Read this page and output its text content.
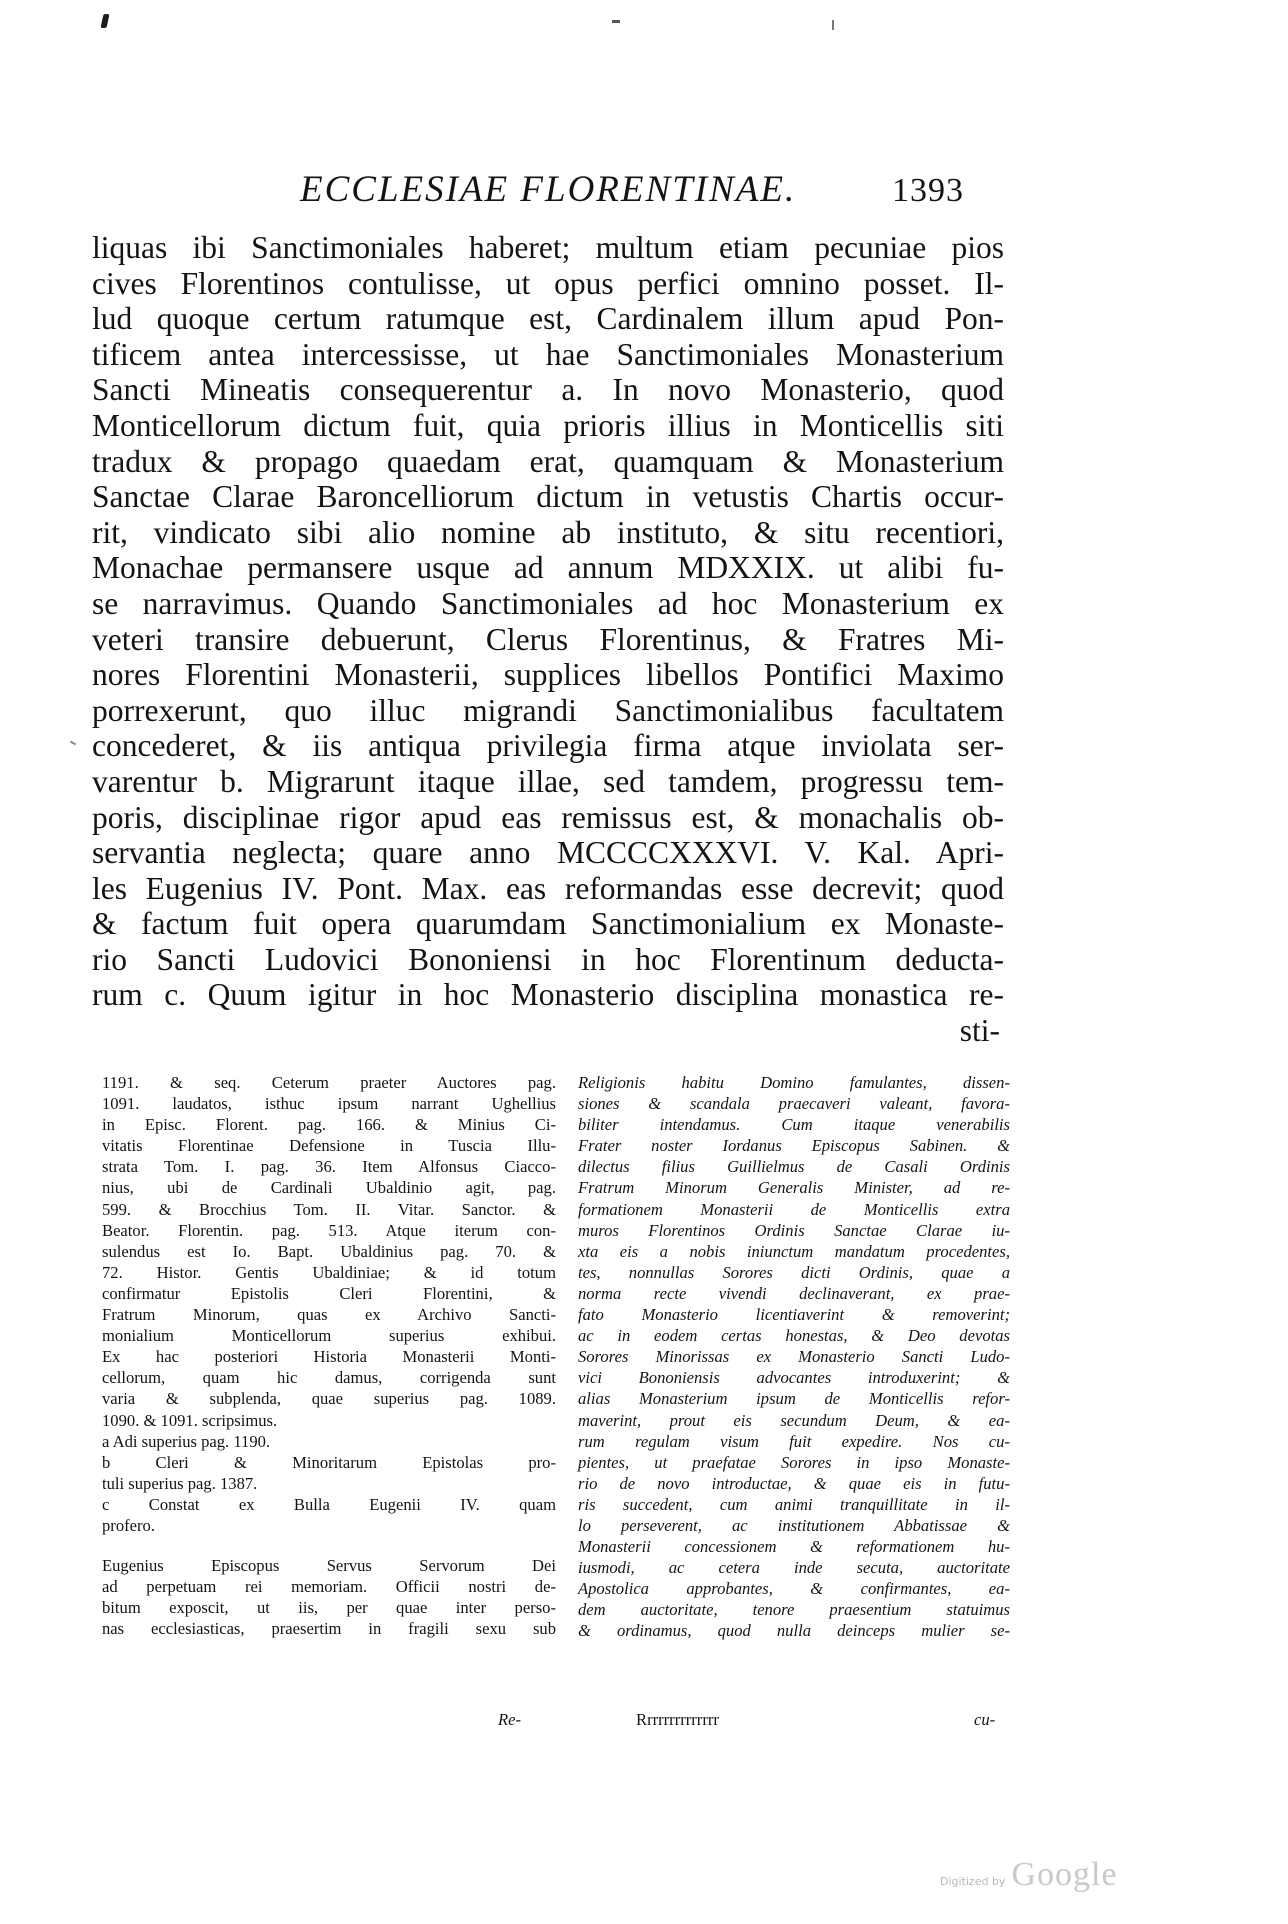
ECCLESIAE FLORENTINAE.	1393
liquas ibi Sanctimoniales haberet; multum etiam pecuniae pios
cives Florentinos contulisse, ut opus perfici omnino posset. Il-
lud quoque certum ratumque est, Cardinalem illum apud Pon-
tificem antea intercessisse, ut hae Sanctimoniales Monasterium
Sancti Mineatis consequerentur a. In novo Monasterio, quod
Monticellorum dictum fuit, quia prioris illius in Monticellis siti
tradux & propago quaedam erat, quamquam & Monasterium
Sanctae Clarae Baroncelliorum dictum in vetustis Chartis occur-
rit, vindicato sibi alio nomine ab instituto, & situ recentiori,
Monachae permansere usque ad annum MDXXIX. ut alibi fu-
se narravimus. Quando Sanctimoniales ad hoc Monasterium ex
veteri transire debuerunt, Clerus Florentinus, & Fratres Mi-
nores Florentini Monasterii, supplices libellos Pontifici Maximo
porrexerunt, quo illuc migrandi Sanctimonialibus facultatem
concederet, & iis antiqua privilegia firma atque inviolata ser-
varentur b. Migrarunt itaque illae, sed tamdem, progressu tem-
poris, disciplinae rigor apud eas remissus est, & monachalis ob-
servantia neglecta; quare anno MCCCCXXXVI. V. Kal. Apri-
les Eugenius IV. Pont. Max. eas reformandas esse decrevit; quod
& factum fuit opera quarumdam Sanctimonialium ex Monaste-
rio Sancti Ludovici Bononiensi in hoc Florentinum deducta-
rum c. Quum igitur in hoc Monasterio disciplina monastica re-
sti-
1191. & seq. Ceterum praeter Auctores pag.
1091. laudatos, isthuc ipsum narrant Ughellius
in Episc. Florent. pag. 166. & Minius Ci-
vitatis Florentinae Defensione in Tuscia Illu-
strata Tom. I. pag. 36. Item Alfonsus Ciacco-
nius, ubi de Cardinali Ubaldinio agit, pag.
599. & Brocchius Tom. II. Vitar. Sanctor. &
Beator. Florentin. pag. 513. Atque iterum con-
sulendus est Io. Bapt. Ubaldinius pag. 70. &
72. Histor. Gentis Ubaldiniae; & id totum
confirmatur Epistolis Cleri Florentini, &
Fratrum Minorum, quas ex Archivo Sancti-
monialium Monticellorum superius exhibui.
Ex hac posteriori Historia Monasterii Monti-
cellorum, quam hic damus, corrigenda sunt
varia & subplenda, quae superius pag. 1089.
1090. & 1091. scripsimus.
a Adi superius pag. 1190.
b Cleri & Minoritarum Epistolas pro-
tuli superius pag. 1387.
c Constat ex Bulla Eugenii IV. quam
profero.
Eugenius Episcopus Servus Servorum Dei
ad perpetuam rei memoriam. Officii nostri de-
bitum exposcit, ut iis, per quae inter perso-
nas ecclesiasticas, praesertim in fragili sexu sub
Religionis habitu Domino famulantes, dissen-
siones & scandala praecaveri valeant, favora-
biliter intendamus. Cum itaque venerabilis
Frater noster Iordanus Episcopus Sabinen. &
dilectus filius Guillielmus de Casali Ordinis
Fratrum Minorum Generalis Minister, ad re-
formationem Monasterii de Monticellis extra
muros Florentinos Ordinis Sanctae Clarae iu-
xta eis a nobis iniunctum mandatum procedentes,
tes, nonnullas Sorores dicti Ordinis, quae a
norma recte vivendi declinaverant, ex prae-
fato Monasterio licentiaverint & removerint;
ac in eodem certas honestas, & Deo devotas
Sorores Minorissas ex Monasterio Sancti Ludo-
vici Bononiensis advocantes introduxerint; &
alias Monasterium ipsum de Monticellis refor-
maverint, prout eis secundum Deum, & ea-
rum regulam visum fuit expedire. Nos cu-
pientes, ut praefatae Sorores in ipso Monaste-
rio de novo introductae, & quae eis in futu-
ris succedent, cum animi tranquillitate in il-
lo perseverent, ac institutionem Abbatissae &
Monasterii concessionem & reformationem hu-
iusmodi, ac cetera inde secuta, auctoritate
Apostolica approbantes, & confirmantes, ea-
dem auctoritate, tenore praesentium statuimus
& ordinamus, quod nulla deinceps mulier se-
Re-	Rrrrrrrrrrrrrr	cu-
Digitized by Google
